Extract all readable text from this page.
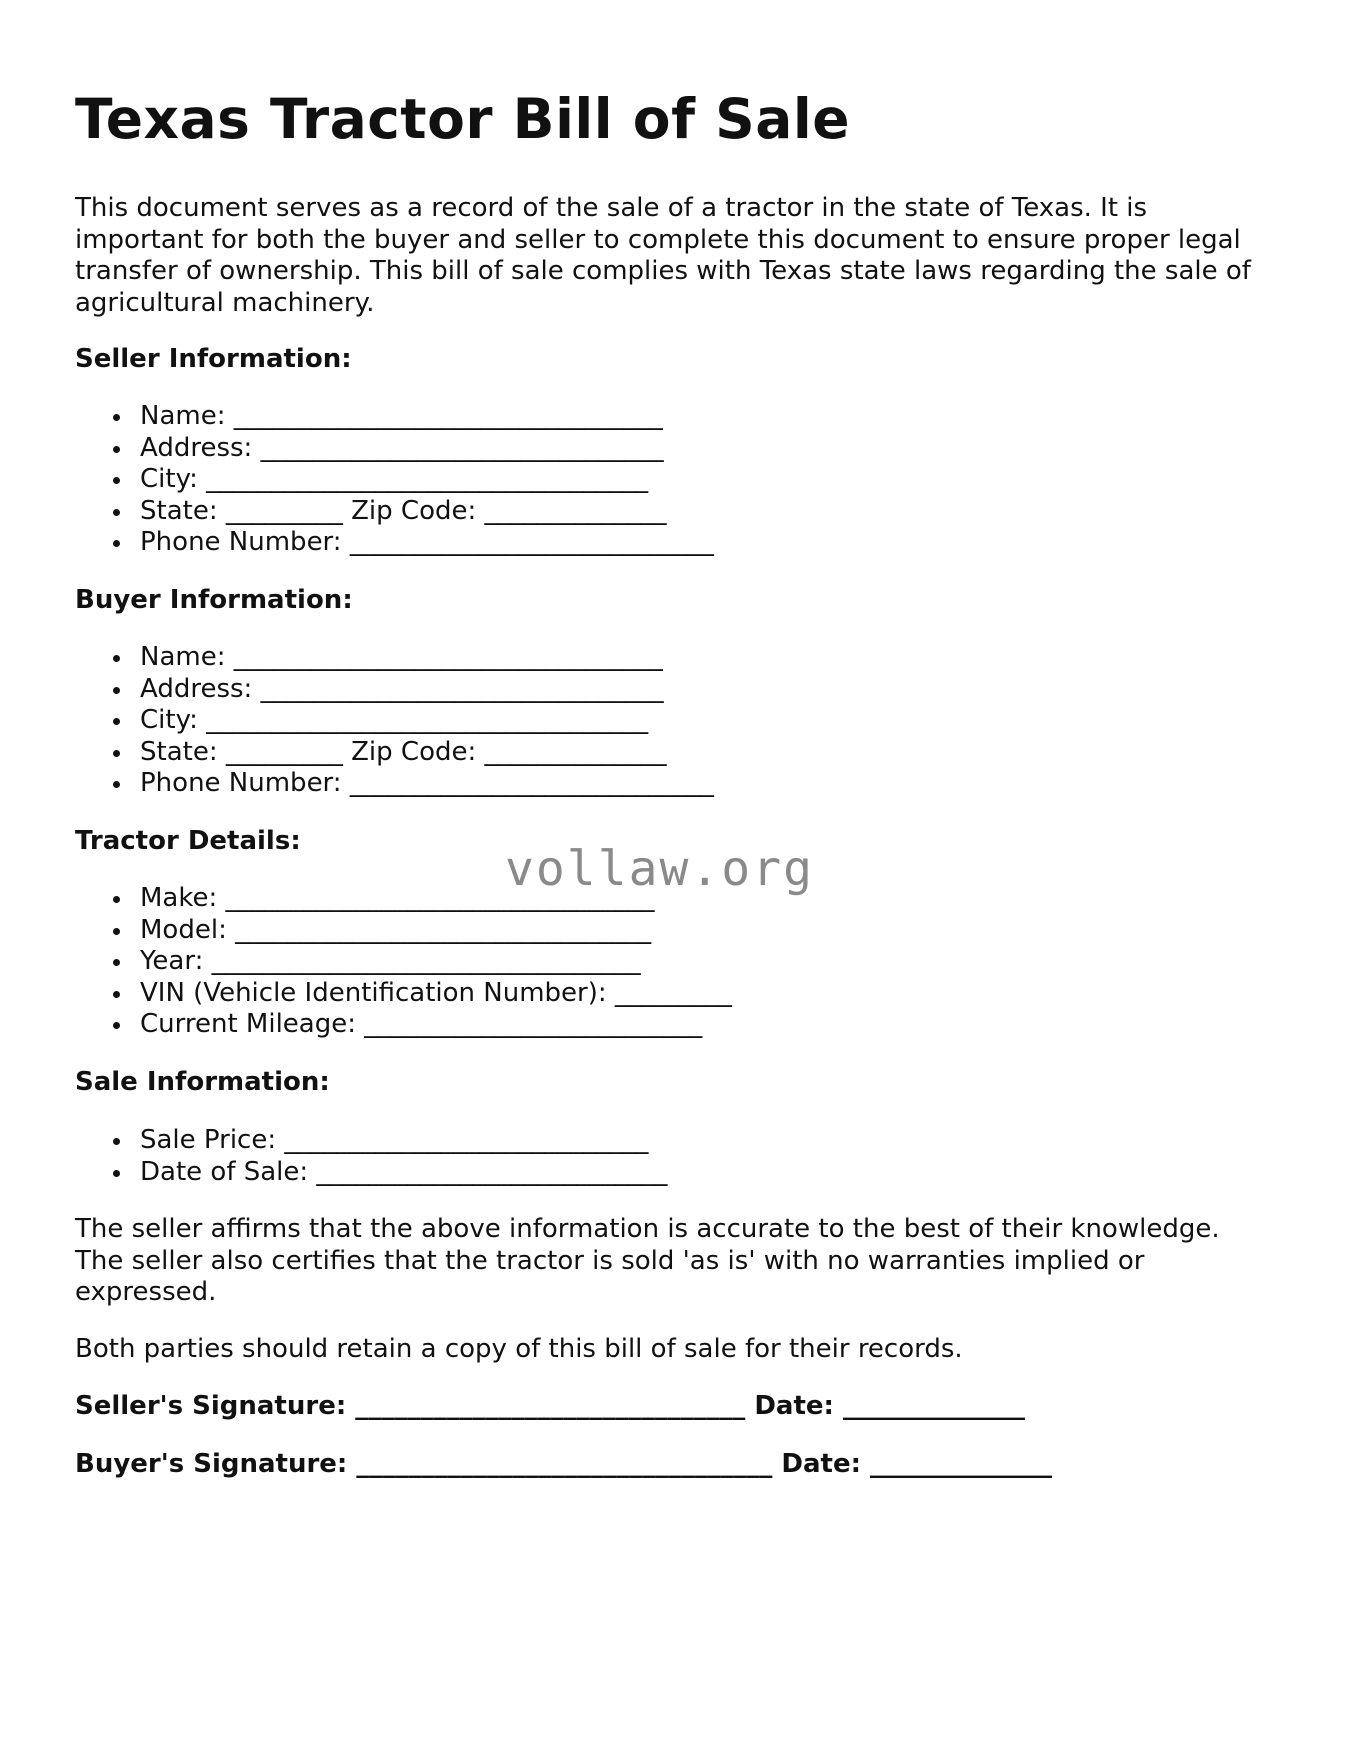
Texas Tractor Bill of Sale

This document serves as a record of the sale of a tractor in the state of Texas. It is important for both the buyer and seller to complete this document to ensure proper legal transfer of ownership. This bill of sale complies with Texas state laws regarding the sale of agricultural machinery.

Seller Information:

Name: _________________________________
Address: _______________________________
City: __________________________________
State: _________ Zip Code: ______________
Phone Number: ____________________________

Buyer Information:

Name: _________________________________
Address: _______________________________
City: __________________________________
State: _________ Zip Code: ______________
Phone Number: ____________________________

Tractor Details:

Make: _________________________________
Model: ________________________________
Year: _________________________________
VIN (Vehicle Identification Number): _________
Current Mileage: __________________________

Sale Information:

Sale Price: ____________________________
Date of Sale: ___________________________

The seller affirms that the above information is accurate to the best of their knowledge. The seller also certifies that the tractor is sold 'as is' with no warranties implied or expressed.

Both parties should retain a copy of this bill of sale for their records.

Seller's Signature: ______________________________ Date: ______________

Buyer's Signature: ________________________________ Date: ______________

vollaw.org
